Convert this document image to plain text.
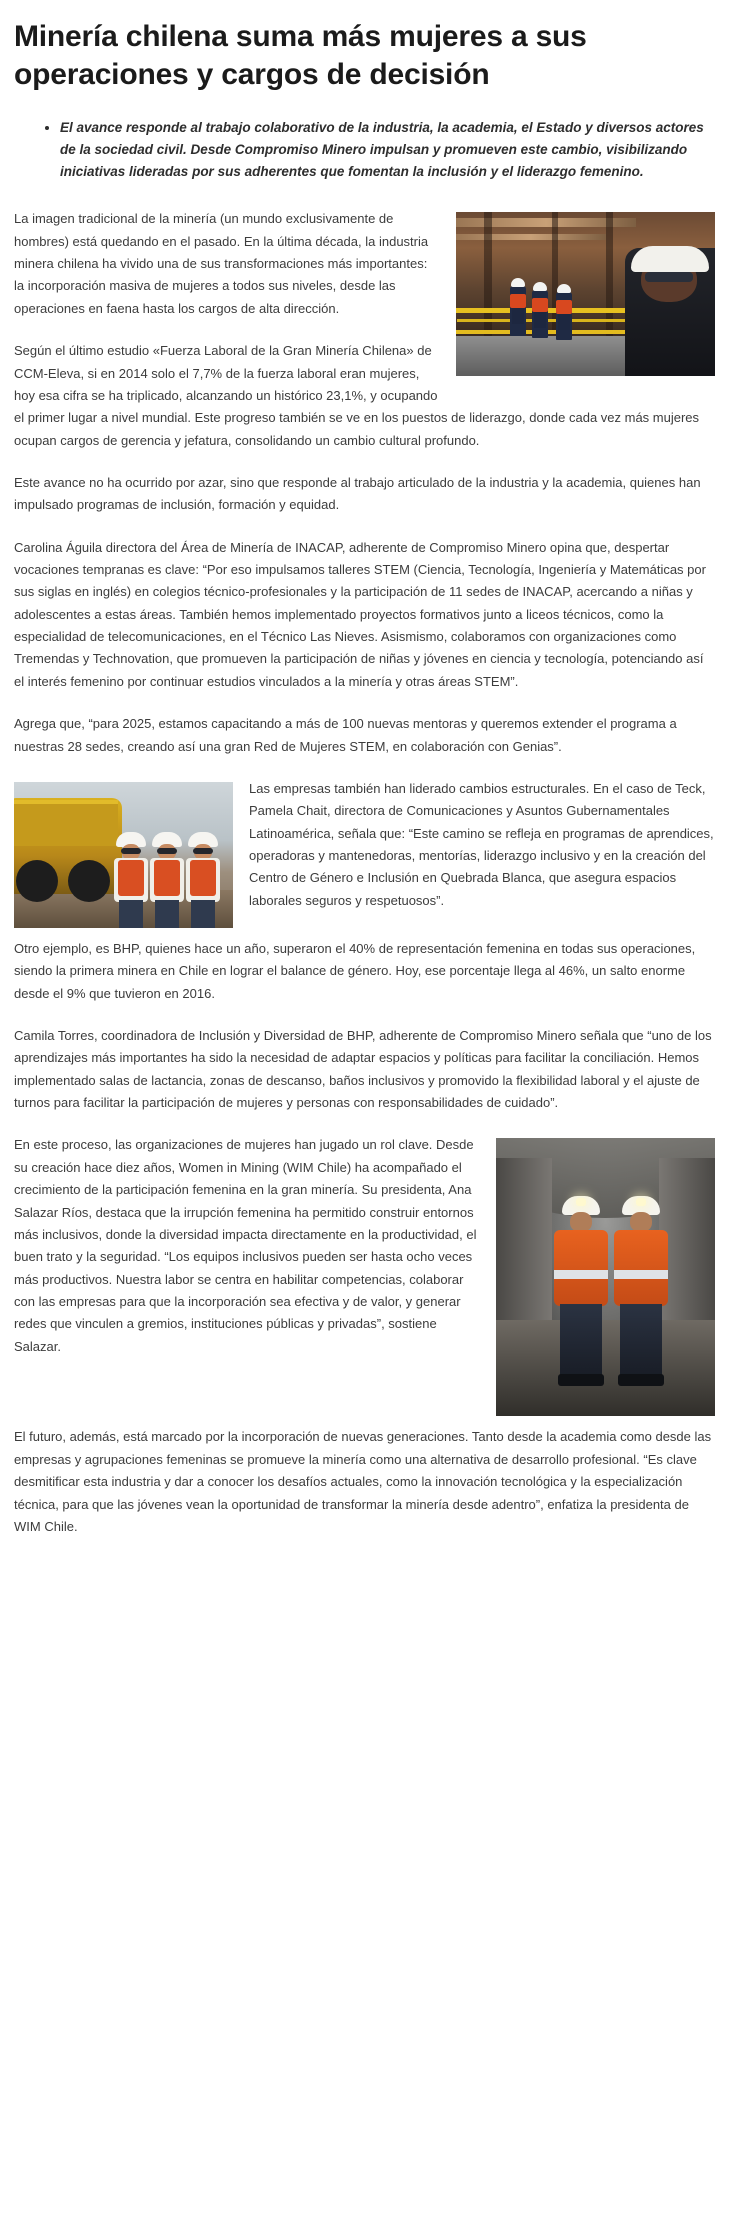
Minería chilena suma más mujeres a sus operaciones y cargos de decisión
• El avance responde al trabajo colaborativo de la industria, la academia, el Estado y diversos actores de la sociedad civil. Desde Compromiso Minero impulsan y promueven este cambio, visibilizando iniciativas lideradas por sus adherentes que fomentan la inclusión y el liderazgo femenino.

La imagen tradicional de la minería (un mundo exclusivamente de hombres) está quedando en el pasado. En la última década, la industria minera chilena ha vivido una de sus transformaciones más importantes: la incorporación masiva de mujeres a todos sus niveles, desde las operaciones en faena hasta los cargos de alta dirección.

Según el último estudio «Fuerza Laboral de la Gran Minería Chilena» de CCM-Eleva, si en 2014 solo el 7,7% de la fuerza laboral eran mujeres, hoy esa cifra se ha triplicado, alcanzando un histórico 23,1%, y ocupando el primer lugar a nivel mundial. Este progreso también se ve en los puestos de liderazgo, donde cada vez más mujeres ocupan cargos de gerencia y jefatura, consolidando un cambio cultural profundo.

Este avance no ha ocurrido por azar, sino que responde al trabajo articulado de la industria y la academia, quienes han impulsado programas de inclusión, formación y equidad.

Carolina Águila directora del Área de Minería de INACAP, adherente de Compromiso Minero opina que, despertar vocaciones tempranas es clave: “Por eso impulsamos talleres STEM (Ciencia, Tecnología, Ingeniería y Matemáticas por sus siglas en inglés) en colegios técnico-profesionales y la participación de 11 sedes de INACAP, acercando a niñas y adolescentes a estas áreas. También hemos implementado proyectos formativos junto a liceos técnicos, como la especialidad de telecomunicaciones, en el Técnico Las Nieves. Asismismo, colaboramos con organizaciones como Tremendas y Technovation, que promueven la participación de niñas y jóvenes en ciencia y tecnología, potenciando así el interés femenino por continuar estudios vinculados a la minería y otras áreas STEM”.

Agrega que, “para 2025, estamos capacitando a más de 100 nuevas mentoras y queremos extender el programa a nuestras 28 sedes, creando así una gran Red de Mujeres STEM, en colaboración con Genias”.

Las empresas también han liderado cambios estructurales. En el caso de Teck, Pamela Chait, directora de Comunicaciones y Asuntos Gubernamentales Latinoamérica, señala que: “Este camino se refleja en programas de aprendices, operadoras y mantenedoras, mentorías, liderazgo inclusivo y en la creación del Centro de Género e Inclusión en Quebrada Blanca, que asegura espacios laborales seguros y respetuosos”.

Otro ejemplo, es BHP, quienes hace un año, superaron el 40% de representación femenina en todas sus operaciones, siendo la primera minera en Chile en lograr el balance de género. Hoy, ese porcentaje llega al 46%, un salto enorme desde el 9% que tuvieron en 2016.

Camila Torres, coordinadora de Inclusión y Diversidad de BHP, adherente de Compromiso Minero señala que “uno de los aprendizajes más importantes ha sido la necesidad de adaptar espacios y políticas para facilitar la conciliación. Hemos implementado salas de lactancia, zonas de descanso, baños inclusivos y promovido la flexibilidad laboral y el ajuste de turnos para facilitar la participación de mujeres y personas con responsabilidades de cuidado”.

En este proceso, las organizaciones de mujeres han jugado un rol clave. Desde su creación hace diez años, Women in Mining (WIM Chile) ha acompañado el crecimiento de la participación femenina en la gran minería. Su presidenta, Ana Salazar Ríos, destaca que la irrupción femenina ha permitido construir entornos más inclusivos, donde la diversidad impacta directamente en la productividad, el buen trato y la seguridad. “Los equipos inclusivos pueden ser hasta ocho veces más productivos. Nuestra labor se centra en habilitar competencias, colaborar con las empresas para que la incorporación sea efectiva y de valor, y generar redes que vinculen a gremios, instituciones públicas y privadas”, sostiene Salazar.

El futuro, además, está marcado por la incorporación de nuevas generaciones. Tanto desde la academia como desde las empresas y agrupaciones femeninas se promueve la minería como una alternativa de desarrollo profesional. “Es clave desmitificar esta industria y dar a conocer los desafíos actuales, como la innovación tecnológica y la especialización técnica, para que las jóvenes vean la oportunidad de transformar la minería desde adentro”, enfatiza la presidenta de WIM Chile.
